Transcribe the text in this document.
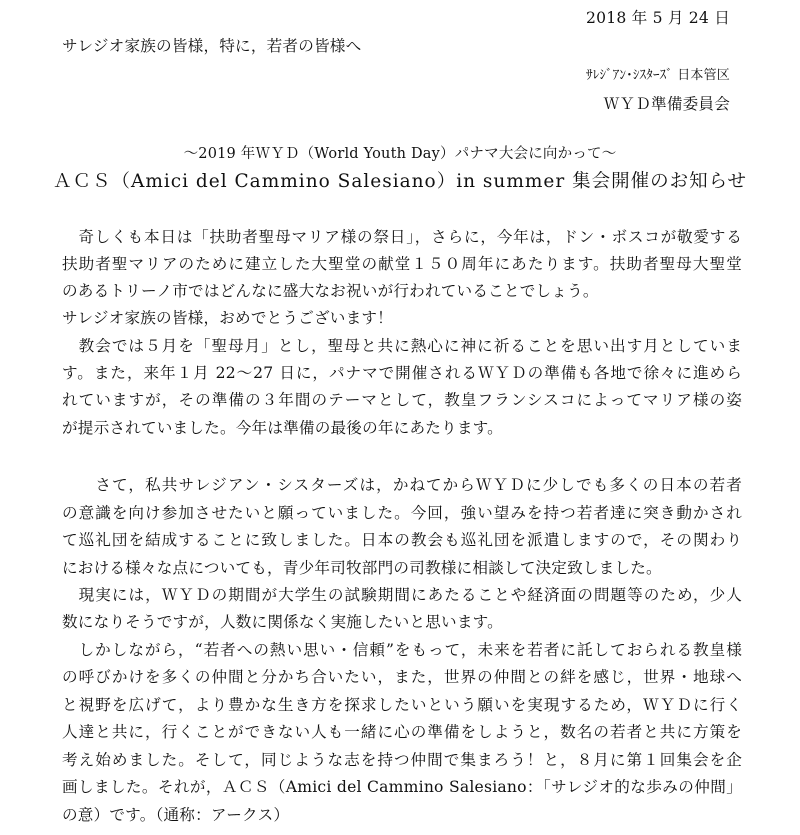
2018 年 5 月 24 日
サレジオ家族の皆様，特に，若者の皆様へ
ｻﾚｼﾞｱﾝ･ｼｽﾀｰｽﾞ 日本管区
ＷＹＤ準備委員会
～2019 年ＷＹＤ（World Youth Day）パナマ大会に向かって～
ＡＣＳ（Amici del Cammino Salesiano）in summer 集会開催のお知らせ
　奇しくも本日は「扶助者聖母マリア様の祭日」，さらに，今年は，ドン・ボスコが敬愛する
扶助者聖マリアのために建立した大聖堂の献堂１５０周年にあたります。扶助者聖母大聖堂
のあるトリーノ市ではどんなに盛大なお祝いが行われていることでしょう。
サレジオ家族の皆様，おめでとうございます！
　教会では５月を「聖母月」とし，聖母と共に熱心に神に祈ることを思い出す月としていま
す。また，来年１月 22～27 日に，パナマで開催されるＷＹＤの準備も各地で徐々に進めら
れていますが，その準備の３年間のテーマとして，教皇フランシスコによってマリア様の姿
が提示されていました。今年は準備の最後の年にあたります。
　　さて，私共サレジアン・シスターズは，かねてからＷＹＤに少しでも多くの日本の若者
の意識を向け参加させたいと願っていました。今回，強い望みを持つ若者達に突き動かされ
て巡礼団を結成することに致しました。日本の教会も巡礼団を派遣しますので，その関わり
における様々な点についても，青少年司牧部門の司教様に相談して決定致しました。
　現実には，ＷＹＤの期間が大学生の試験期間にあたることや経済面の問題等のため，少人
数になりそうですが，人数に関係なく実施したいと思います。
　しかしながら，“若者への熱い思い・信頼”をもって，未来を若者に託しておられる教皇様
の呼びかけを多くの仲間と分かち合いたい，また，世界の仲間との絆を感じ，世界・地球へ
と視野を広げて，より豊かな生き方を探求したいという願いを実現するため，ＷＹＤに行く
人達と共に，行くことができない人も一緒に心の準備をしようと，数名の若者と共に方策を
考え始めました。そして，同じような志を持つ仲間で集まろう！と，８月に第１回集会を企
画しました。それが，ＡＣＳ（Amici del Cammino Salesiano：「サレジオ的な歩みの仲間」
の意）です。（通称：アークス）
